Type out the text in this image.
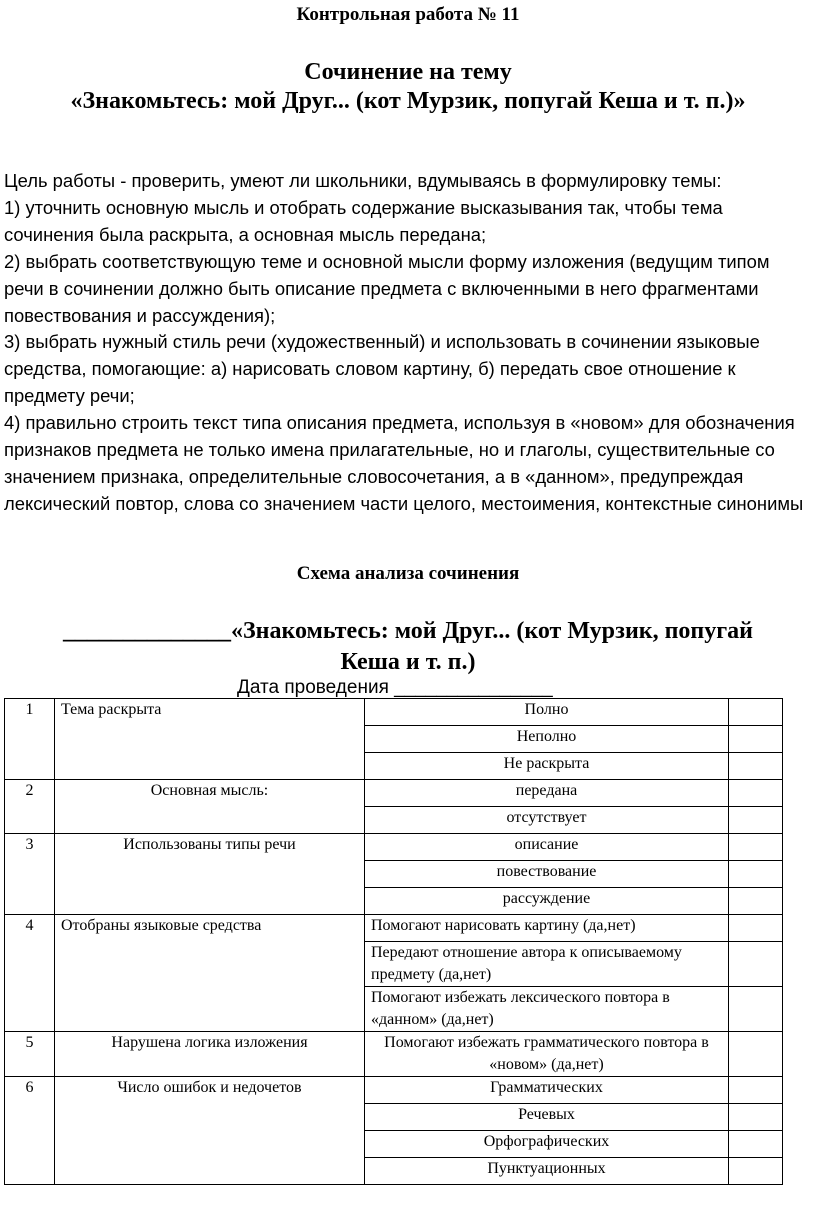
Контрольная работа № 11
Сочинение на тему
«Знакомьтесь: мой Друг... (кот Мурзик, попугай Кеша и т. п.)»

Цель работы - проверить, умеют ли школьники, вдумываясь в формулировку темы:

1) уточнить основную мысль и отобрать содержание высказывания так, чтобы тема сочинения была раскрыта, а основная мысль передана;

2) выбрать соответствующую теме и основной мысли форму изложения (ведущим типом речи в сочинении должно быть описание предмета с включенными в него фрагментами повествования и рассуждения);

3) выбрать нужный стиль речи (художественный) и использовать в сочинении языковые средства, помогающие: а) нарисовать словом картину, б) передать свое отношение к предмету речи;

4) правильно строить текст типа описания предмета, используя в «новом» для обозначения признаков предмета не только имена прилагательные, но и глаголы, существительные со значением признака, определительные словосочетания, а в «данном», предупреждая лексический повтор, слова со значением части целого, местоимения, контекстные синонимы

Схема анализа сочинения
______________«Знакомьтесь: мой Друг... (кот Мурзик, попугай
Кеша и т. п.)
Дата проведения _______________
1	Тема раскрыта	Полно	
		Неполно	
		Не раскрыта	
2	Основная мысль:	передана	
		отсутствует	
3	Использованы типы речи	описание	
		повествование	
		рассуждение	
4	Отобраны языковые средства	Помогают нарисовать картину (да,нет)	
		Передают отношение автора к описываемому предмету (да,нет)	
		Помогают избежать лексического повтора в «данном» (да,нет)	
5	Нарушена логика изложения	Помогают избежать грамматического повтора в «новом» (да,нет)	
6	Число ошибок и недочетов	Грамматических	
		Речевых	
		Орфографических	
		Пунктуационных	
